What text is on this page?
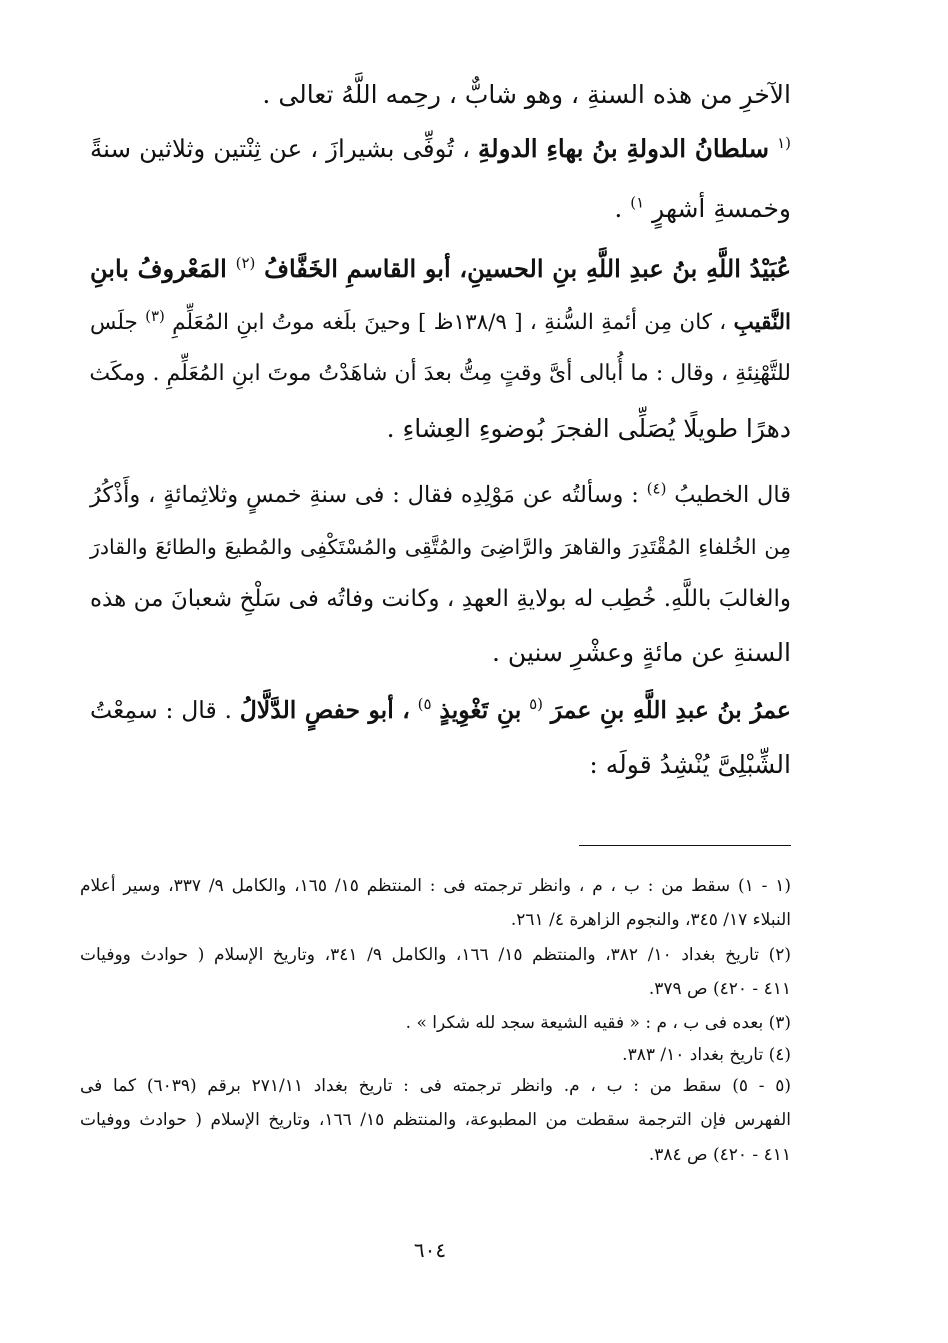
الآخرِ من هذه السنةِ ، وهو شابٌّ ، رحِمه اللَّهُ تعالى .
$^{(١}$ سلطانُ الدولةِ بنُ بهاءِ الدولةِ ، تُوفِّى بشيرازَ ، عن ثِنْتين وثلاثين سنةً
وخمسةِ أشهرٍ $^{١)}$ .
عُبَيْدُ اللَّهِ بنُ عبدِ اللَّهِ بنِ الحسينِ، أبو القاسمِ الخَفَّافُ $^{(٢)}$ المَعْروفُ بابنِ
النَّقيبِ ، كان مِن أئمةِ السُّنةِ ، [ ١٣٨/٩ظ ] وحينَ بلَغه موتُ ابنِ المُعَلِّمِ $^{(٣)}$ جلَس
للتَّهْنِئةِ ، وقال : ما أُبالى أىَّ وقتٍ مِتُّ بعدَ أن شاهَدْتُ موتَ ابنِ المُعَلِّمِ . ومكَث
دهرًا طويلًا يُصَلِّى الفجرَ بُوضوءِ العِشاءِ .
قال الخطيبُ $^{(٤)}$ : وسألتُه عن مَوْلِدِه فقال : فى سنةِ خمسٍ وثلاثِمائةٍ ، وأَذْكُرُ
مِن الخُلفاءِ المُقْتَدِرَ والقاهرَ والرَّاضِىَ والمُتَّقِى والمُسْتَكْفِى والمُطيعَ والطائعَ والقادرَ
والغالبَ باللَّهِ. خُطِب له بولايةِ العهدِ ، وكانت وفاتُه فى سَلْخِ شعبانَ من هذه
السنةِ عن مائةٍ وعشْرِ سنين .
عمرُ بنُ عبدِ اللَّهِ بنِ عمرَ $^{(٥}$ بنِ تَغْوِيذٍ $^{٥)}$ ، أبو حفصٍ الدَّلَّالُ . قال : سمِعْتُ
الشِّبْلِىَّ يُنْشِدُ قولَه :
(١ - ١) سقط من : ب ، م ، وانظر ترجمته فى : المنتظم ١٥/ ١٦٥، والكامل ٩/ ٣٣٧، وسير أعلام
النبلاء ١٧/ ٣٤٥، والنجوم الزاهرة ٤/ ٢٦١.
(٢) تاريخ بغداد ١٠/ ٣٨٢، والمنتظم ١٥/ ١٦٦، والكامل ٩/ ٣٤١، وتاريخ الإسلام ( حوادث ووفيات
٤١١ - ٤٢٠) ص ٣٧٩.
(٣) بعده فى ب ، م : « فقيه الشيعة سجد لله شكرا » .
(٤) تاريخ بغداد ١٠/ ٣٨٣.
(٥ - ٥) سقط من : ب ، م. وانظر ترجمته فى : تاريخ بغداد ٢٧١/١١ برقم (٦٠٣٩) كما فى
الفهرس فإن الترجمة سقطت من المطبوعة، والمنتظم ١٥/ ١٦٦، وتاريخ الإسلام ( حوادث ووفيات
٤١١ - ٤٢٠) ص ٣٨٤.
٦٠٤
